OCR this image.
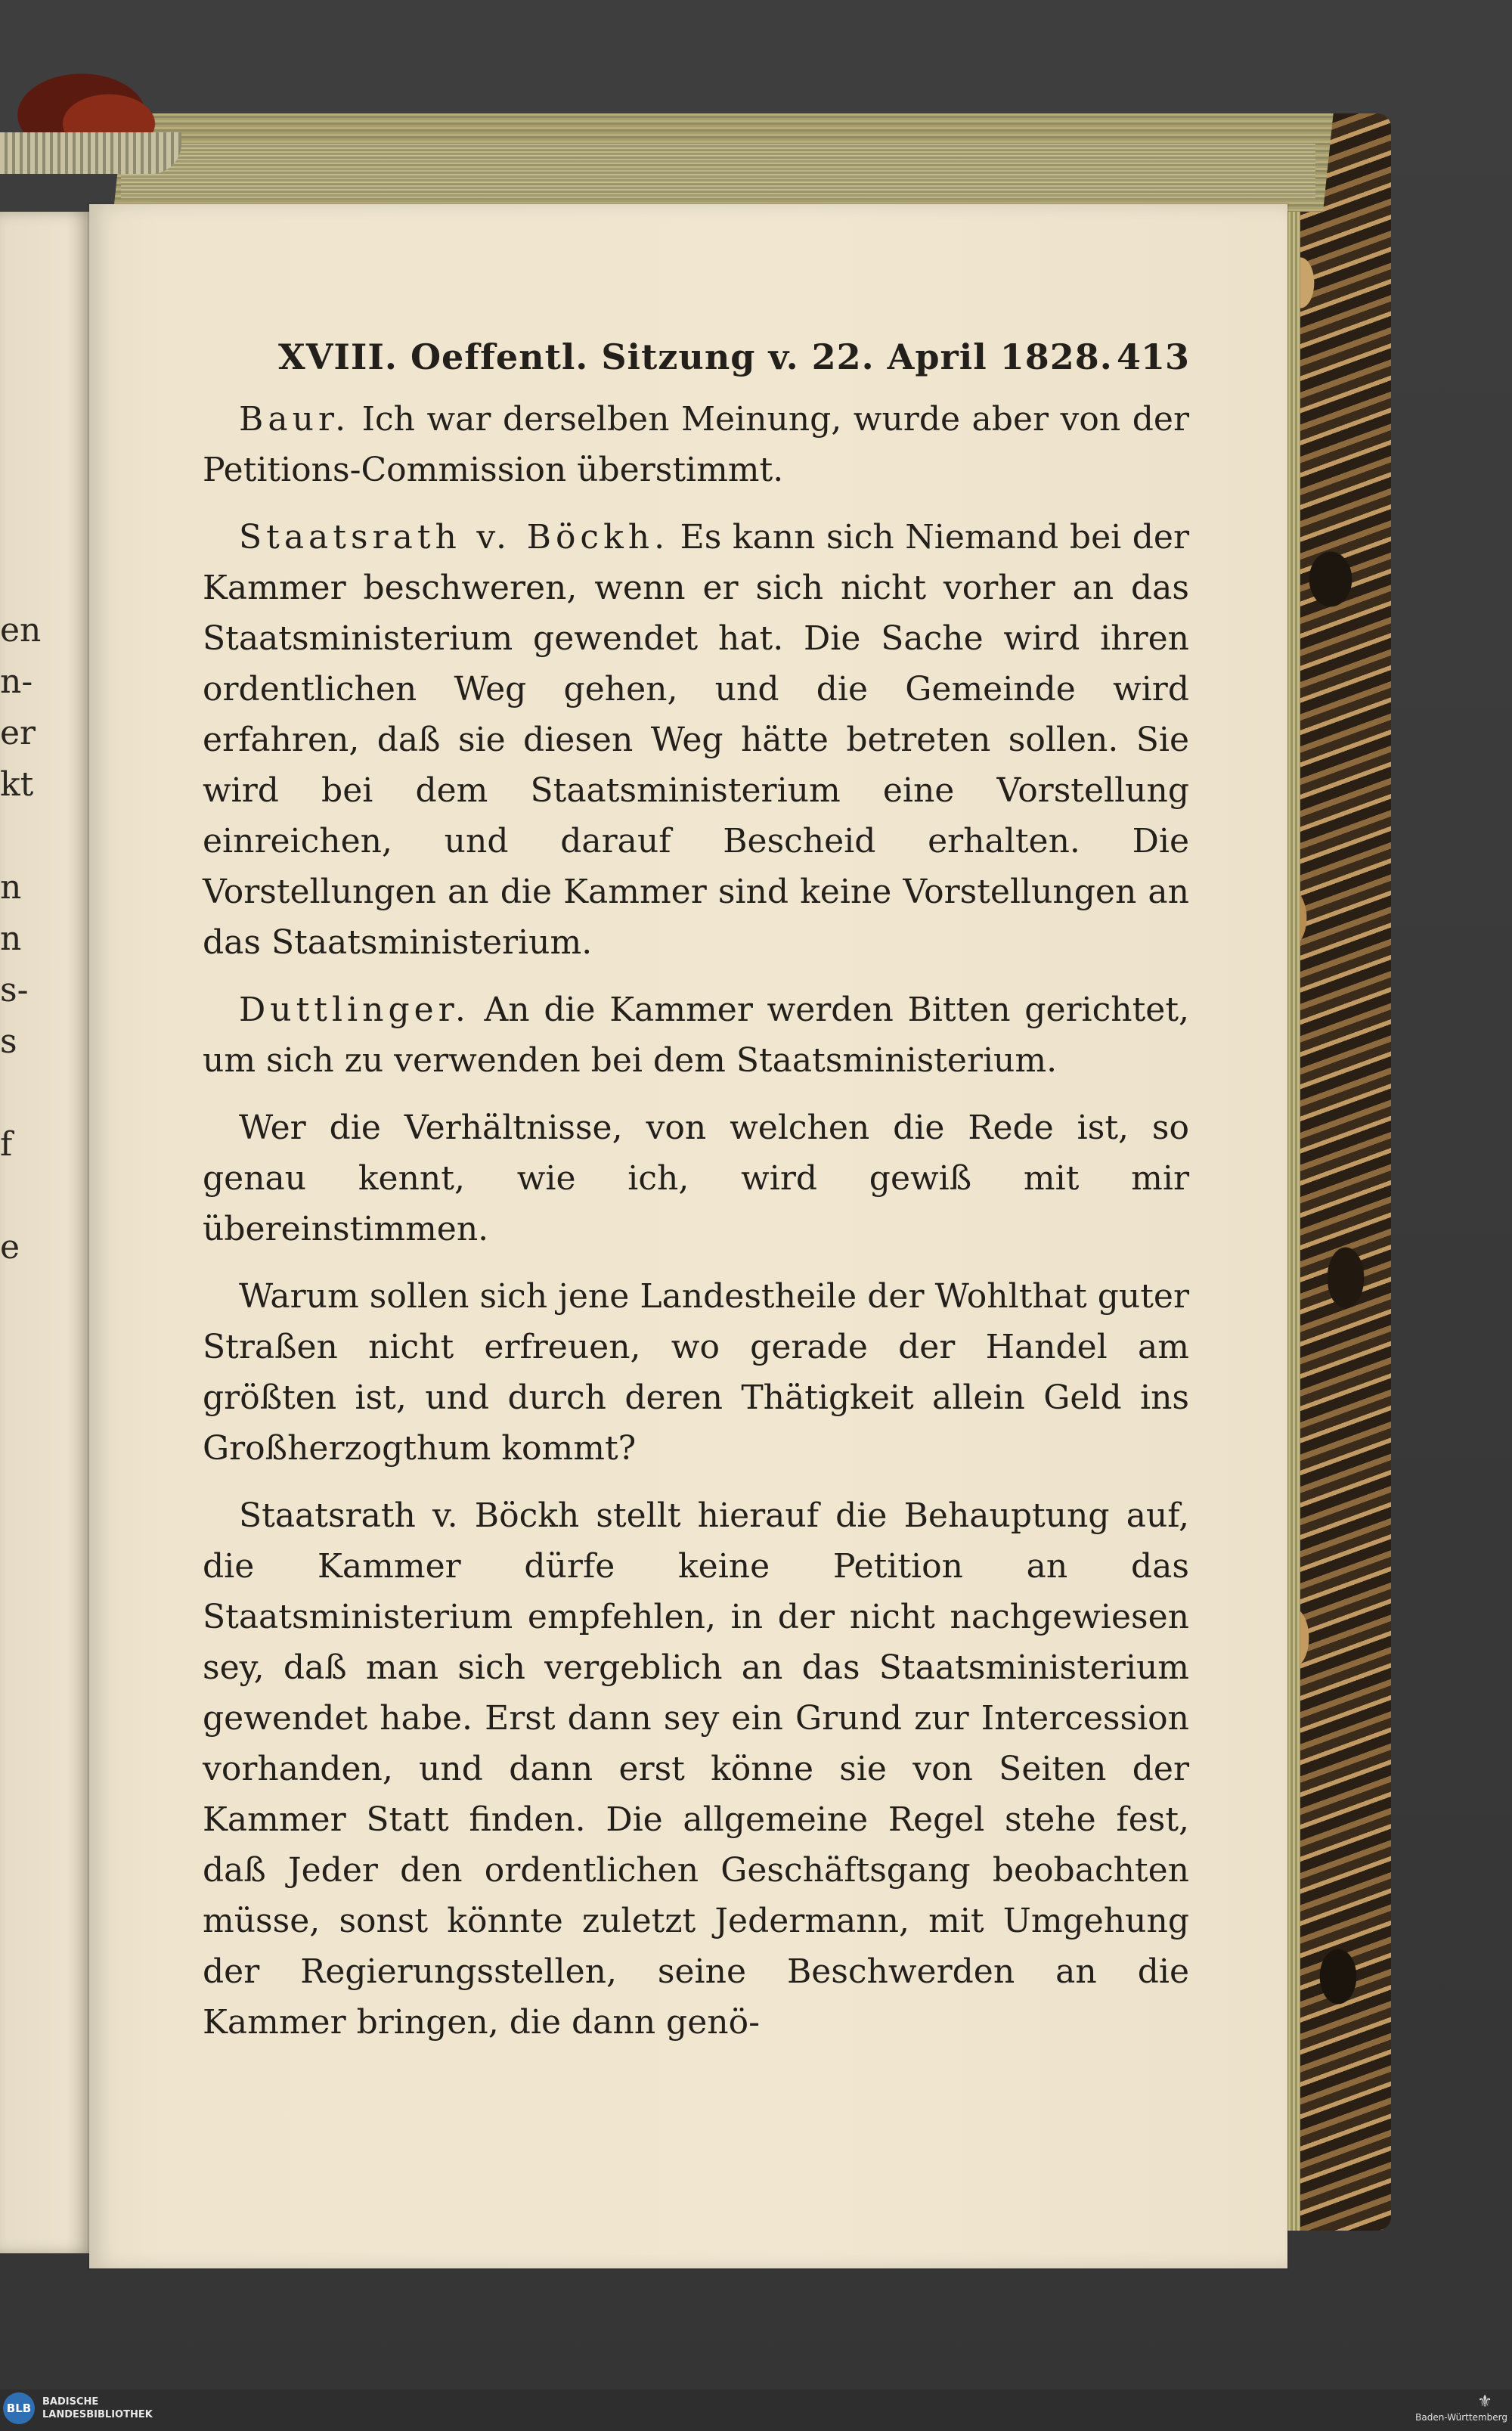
en
n-
er
kt
n
n
s-
s
f
e
XVIII. Oeffentl. Sitzung v. 22. April 1828. 413

Baur. Ich war derselben Meinung, wurde aber von der Petitions-Commission überstimmt.

Staatsrath v. Böckh. Es kann sich Niemand bei der Kammer beschweren, wenn er sich nicht vorher an das Staatsministerium gewendet hat. Die Sache wird ihren ordentlichen Weg gehen, und die Gemeinde wird erfahren, daß sie diesen Weg hätte betreten sollen. Sie wird bei dem Staatsministerium eine Vorstellung einreichen, und darauf Bescheid erhalten. Die Vorstellungen an die Kammer sind keine Vorstellungen an das Staatsministerium.

Duttlinger. An die Kammer werden Bitten gerichtet, um sich zu verwenden bei dem Staatsministerium.

Wer die Verhältnisse, von welchen die Rede ist, so genau kennt, wie ich, wird gewiß mit mir übereinstimmen.

Warum sollen sich jene Landestheile der Wohlthat guter Straßen nicht erfreuen, wo gerade der Handel am größten ist, und durch deren Thätigkeit allein Geld ins Großherzogthum kommt?

Staatsrath v. Böckh stellt hierauf die Behauptung auf, die Kammer dürfe keine Petition an das Staatsministerium empfehlen, in der nicht nachgewiesen sey, daß man sich vergeblich an das Staatsministerium gewendet habe. Erst dann sey ein Grund zur Intercession vorhanden, und dann erst könne sie von Seiten der Kammer Statt finden. Die allgemeine Regel stehe fest, daß Jeder den ordentlichen Geschäftsgang beobachten müsse, sonst könnte zuletzt Jedermann, mit Umgehung der Regierungsstellen, seine Beschwerden an die Kammer bringen, die dann genö-

BLB	BADISCHE
LANDESBIBLIOTHEK
⚜
Baden-Württemberg
